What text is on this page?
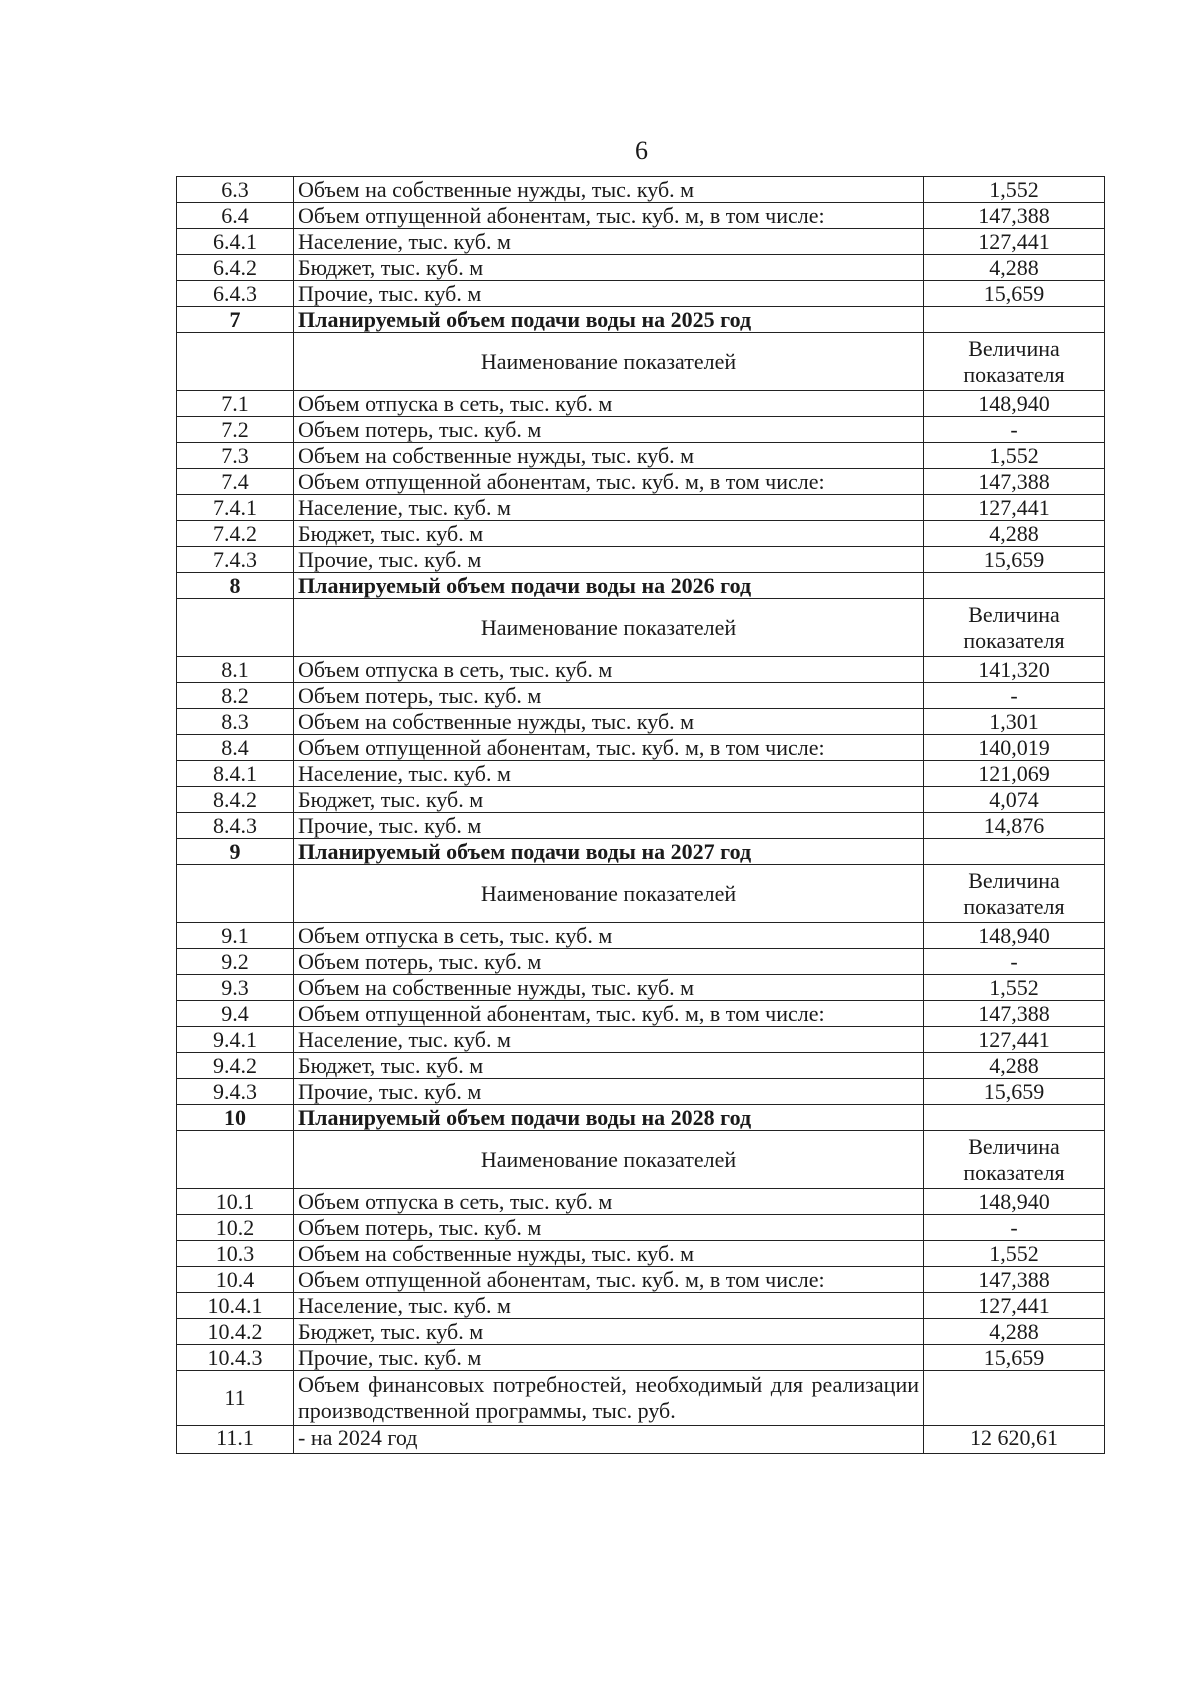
6
6.3	Объем на собственные нужды, тыс. куб. м	1,552
6.4	Объем отпущенной абонентам, тыс. куб. м, в том числе:	147,388
6.4.1	Население, тыс. куб. м	127,441
6.4.2	Бюджет, тыс. куб. м	4,288
6.4.3	Прочие, тыс. куб. м	15,659
7	Планируемый объем подачи воды на 2025 год	
	Наименование показателей	Величина показателя
7.1	Объем отпуска в сеть, тыс. куб. м	148,940
7.2	Объем потерь, тыс. куб. м	-
7.3	Объем на собственные нужды, тыс. куб. м	1,552
7.4	Объем отпущенной абонентам, тыс. куб. м, в том числе:	147,388
7.4.1	Население, тыс. куб. м	127,441
7.4.2	Бюджет, тыс. куб. м	4,288
7.4.3	Прочие, тыс. куб. м	15,659
8	Планируемый объем подачи воды на 2026 год	
	Наименование показателей	Величина показателя
8.1	Объем отпуска в сеть, тыс. куб. м	141,320
8.2	Объем потерь, тыс. куб. м	-
8.3	Объем на собственные нужды, тыс. куб. м	1,301
8.4	Объем отпущенной абонентам, тыс. куб. м, в том числе:	140,019
8.4.1	Население, тыс. куб. м	121,069
8.4.2	Бюджет, тыс. куб. м	4,074
8.4.3	Прочие, тыс. куб. м	14,876
9	Планируемый объем подачи воды на 2027 год	
	Наименование показателей	Величина показателя
9.1	Объем отпуска в сеть, тыс. куб. м	148,940
9.2	Объем потерь, тыс. куб. м	-
9.3	Объем на собственные нужды, тыс. куб. м	1,552
9.4	Объем отпущенной абонентам, тыс. куб. м, в том числе:	147,388
9.4.1	Население, тыс. куб. м	127,441
9.4.2	Бюджет, тыс. куб. м	4,288
9.4.3	Прочие, тыс. куб. м	15,659
10	Планируемый объем подачи воды на 2028 год	
	Наименование показателей	Величина показателя
10.1	Объем отпуска в сеть, тыс. куб. м	148,940
10.2	Объем потерь, тыс. куб. м	-
10.3	Объем на собственные нужды, тыс. куб. м	1,552
10.4	Объем отпущенной абонентам, тыс. куб. м, в том числе:	147,388
10.4.1	Население, тыс. куб. м	127,441
10.4.2	Бюджет, тыс. куб. м	4,288
10.4.3	Прочие, тыс. куб. м	15,659
11	Объем финансовых потребностей, необходимый для реализации производственной программы, тыс. руб.	
11.1	- на 2024 год	12 620,61
